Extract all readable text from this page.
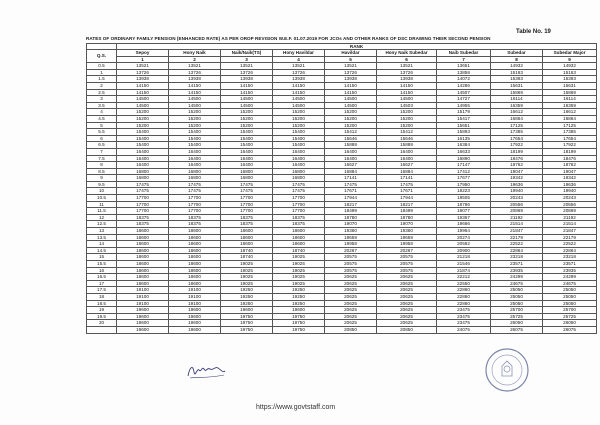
Table No. 19
RATES OF ORDINARY FAMILY PENSION (ENHANCED RATE) AS PER OROP REVISION W.E.F. 01.07.2019 FOR JCOs AND OTHER RANKS OF DSC DRAWING THEIR SECOND PENSION
	RANK								
Q.S.	Sepoy	Hony Naik	Naik/Naik(TS)	Hony Havildar	Havildar	Hony Naik Subedar	Naib Subedar	Subedar	Subedar Major
	1	2	3	4	5	6	7	8	9
0.5	13521	13521	13521	13521	13521	13521	13651	14932	14932
1	13726	13726	13726	13726	13726	13726	13858	15163	15163
1.5	13938	13938	13938	13938	13938	13938	14072	15393	15393
2	14150	14150	14150	14150	14150	14150	14286	15631	15631
2.5	14150	14150	14150	14150	14150	14150	14507	15869	15869
3	14500	14500	14500	14500	14500	14500	14727	16114	16114
3.5	14500	14500	14500	14500	14500	14503	14955	16359	16359
4	15200	15200	15200	15200	15200	15200	15179	16612	16612
4.5	15200	15200	15200	15200	15200	15200	15417	16864	16864
5	15200	15200	15200	15200	15200	15200	15651	17125	17125
5.5	15400	15400	15400	15400	15412	15412	15893	17385	17385
6	15400	15400	15400	15400	15646	15646	16135	17654	17654
6.5	15400	15400	15400	15400	15888	15888	16384	17922	17922
7	16400	16400	16400	16400	16400	16400	16633	18199	18199
7.5	16400	16400	16400	16400	16400	16400	16890	18476	18476
8	16400	16400	16400	16400	16627	16627	17147	18762	18762
8.5	16800	16800	16800	16800	16884	16884	17412	19047	19047
9	16800	16800	16800	16800	17141	17141	17677	19342	19342
9.5	17475	17475	17475	17475	17475	17475	17950	19636	19636
10	17475	17475	17475	17475	17671	17671	18223	19940	19940
10.5	17700	17700	17700	17700	17944	17944	18505	20243	20243
11	17700	17700	17700	17700	18217	18217	18786	20556	20556
11.5	17700	17700	17700	17700	18499	18499	19077	20869	20869
12	18375	18375	18375	18375	18780	18780	19367	21192	21192
12.5	18375	18375	18375	18375	19070	19070	19666	21514	21514
13	18600	18600	18600	18600	19360	19360	19964	21847	21847
13.5	18600	18600	18600	18600	19659	19659	20274	22179	22179
14	18600	18600	18600	18600	19958	19958	20582	22522	22522
14.5	18600	18600	18740	18740	20267	20267	20900	22864	22864
15	18600	18600	18740	19025	20575	20575	21218	23218	23218
15.5	18600	18600	19025	19025	20575	20575	21546	23571	23571
16	18600	18600	19025	19025	20575	20575	21874	23935	23935
16.5	18600	18600	19025	19025	20625	20625	22212	24299	24299
17	18600	18600	19025	19025	20625	20625	22550	24675	24675
17.5	19100	19100	19250	19250	20625	20625	22860	25050	25050
18	19100	19100	19250	19250	20625	20625	22860	25050	25050
18.5	19100	19100	19250	19250	20625	20625	22860	25050	25050
19	19600	19600	19600	19600	20625	20625	23475	25700	25700
19.5	19600	19600	19750	19750	20625	20625	23475	25725	25725
20	19600	19600	19750	19750	20625	20625	23475	26050	26050
	19600	19600	19750	19750	20850	20850	24075	26075	26075
https://www.govtstaff.com
